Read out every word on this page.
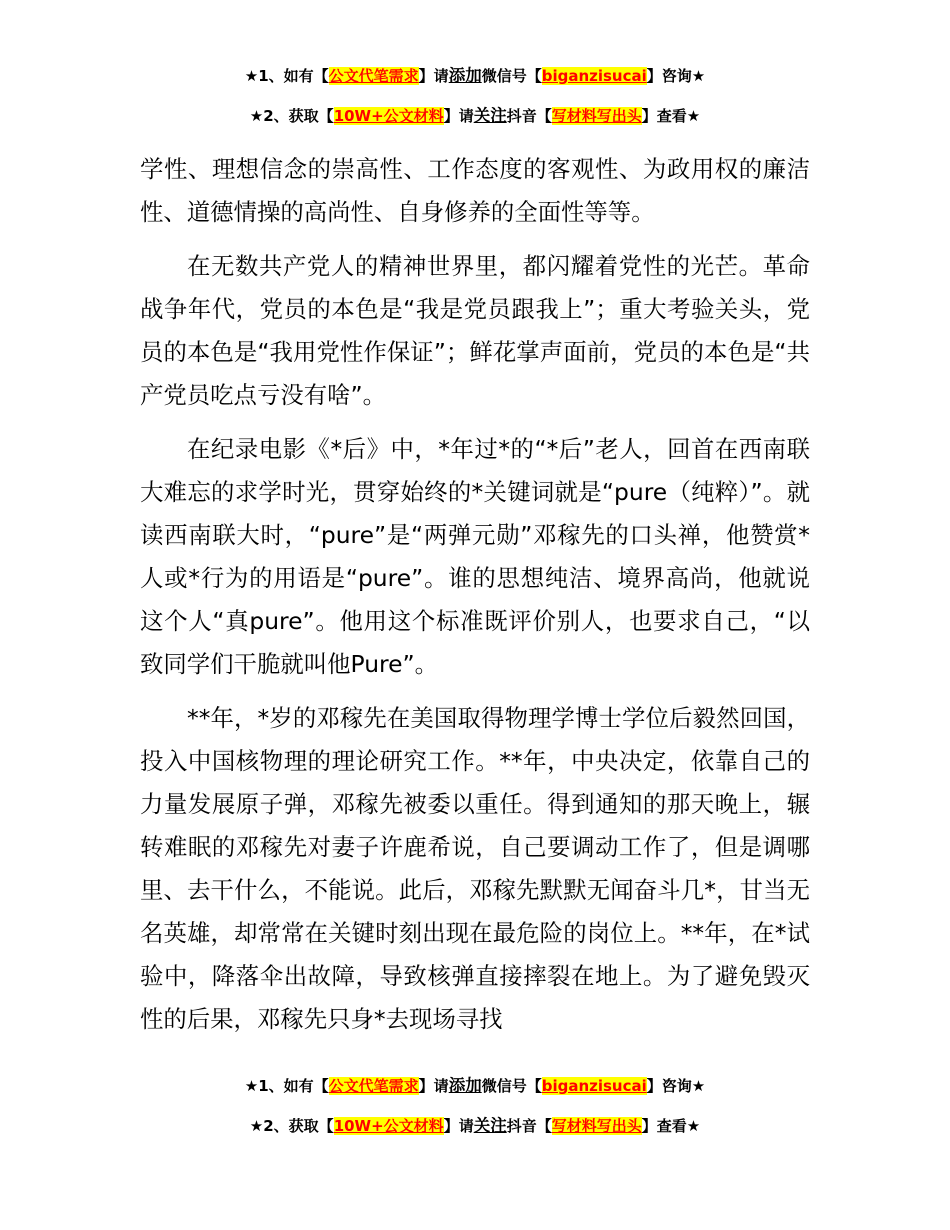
★1、如有【公文代笔需求】请添加微信号【biganzisucai】咨询★
★2、获取【10W+公文材料】请关注抖音【写材料写出头】查看★

学性、理想信念的崇高性、工作态度的客观性、为政用权的廉洁性、道德情操的高尚性、自身修养的全面性等等。

在无数共产党人的精神世界里，都闪耀着党性的光芒。革命战争年代，党员的本色是“我是党员跟我上”；重大考验关头，党员的本色是“我用党性作保证”；鲜花掌声面前，党员的本色是“共产党员吃点亏没有啥”。

在纪录电影《*后》中，*年过*的“*后”老人，回首在西南联大难忘的求学时光，贯穿始终的*关键词就是“pure（纯粹）”。就读西南联大时，“pure”是“两弹元勋”邓稼先的口头禅，他赞赏*人或*行为的用语是“pure”。谁的思想纯洁、境界高尚，他就说这个人“真pure”。他用这个标准既评价别人，也要求自己，“以致同学们干脆就叫他Pure”。

**年，*岁的邓稼先在美国取得物理学博士学位后毅然回国，投入中国核物理的理论研究工作。**年，中央决定，依靠自己的力量发展原子弹，邓稼先被委以重任。得到通知的那天晚上，辗转难眠的邓稼先对妻子许鹿希说，自己要调动工作了，但是调哪里、去干什么，不能说。此后，邓稼先默默无闻奋斗几*，甘当无名英雄，却常常在关键时刻出现在最危险的岗位上。**年，在*试验中，降落伞出故障，导致核弹直接摔裂在地上。为了避免毁灭性的后果，邓稼先只身*去现场寻找

★1、如有【公文代笔需求】请添加微信号【biganzisucai】咨询★
★2、获取【10W+公文材料】请关注抖音【写材料写出头】查看★
